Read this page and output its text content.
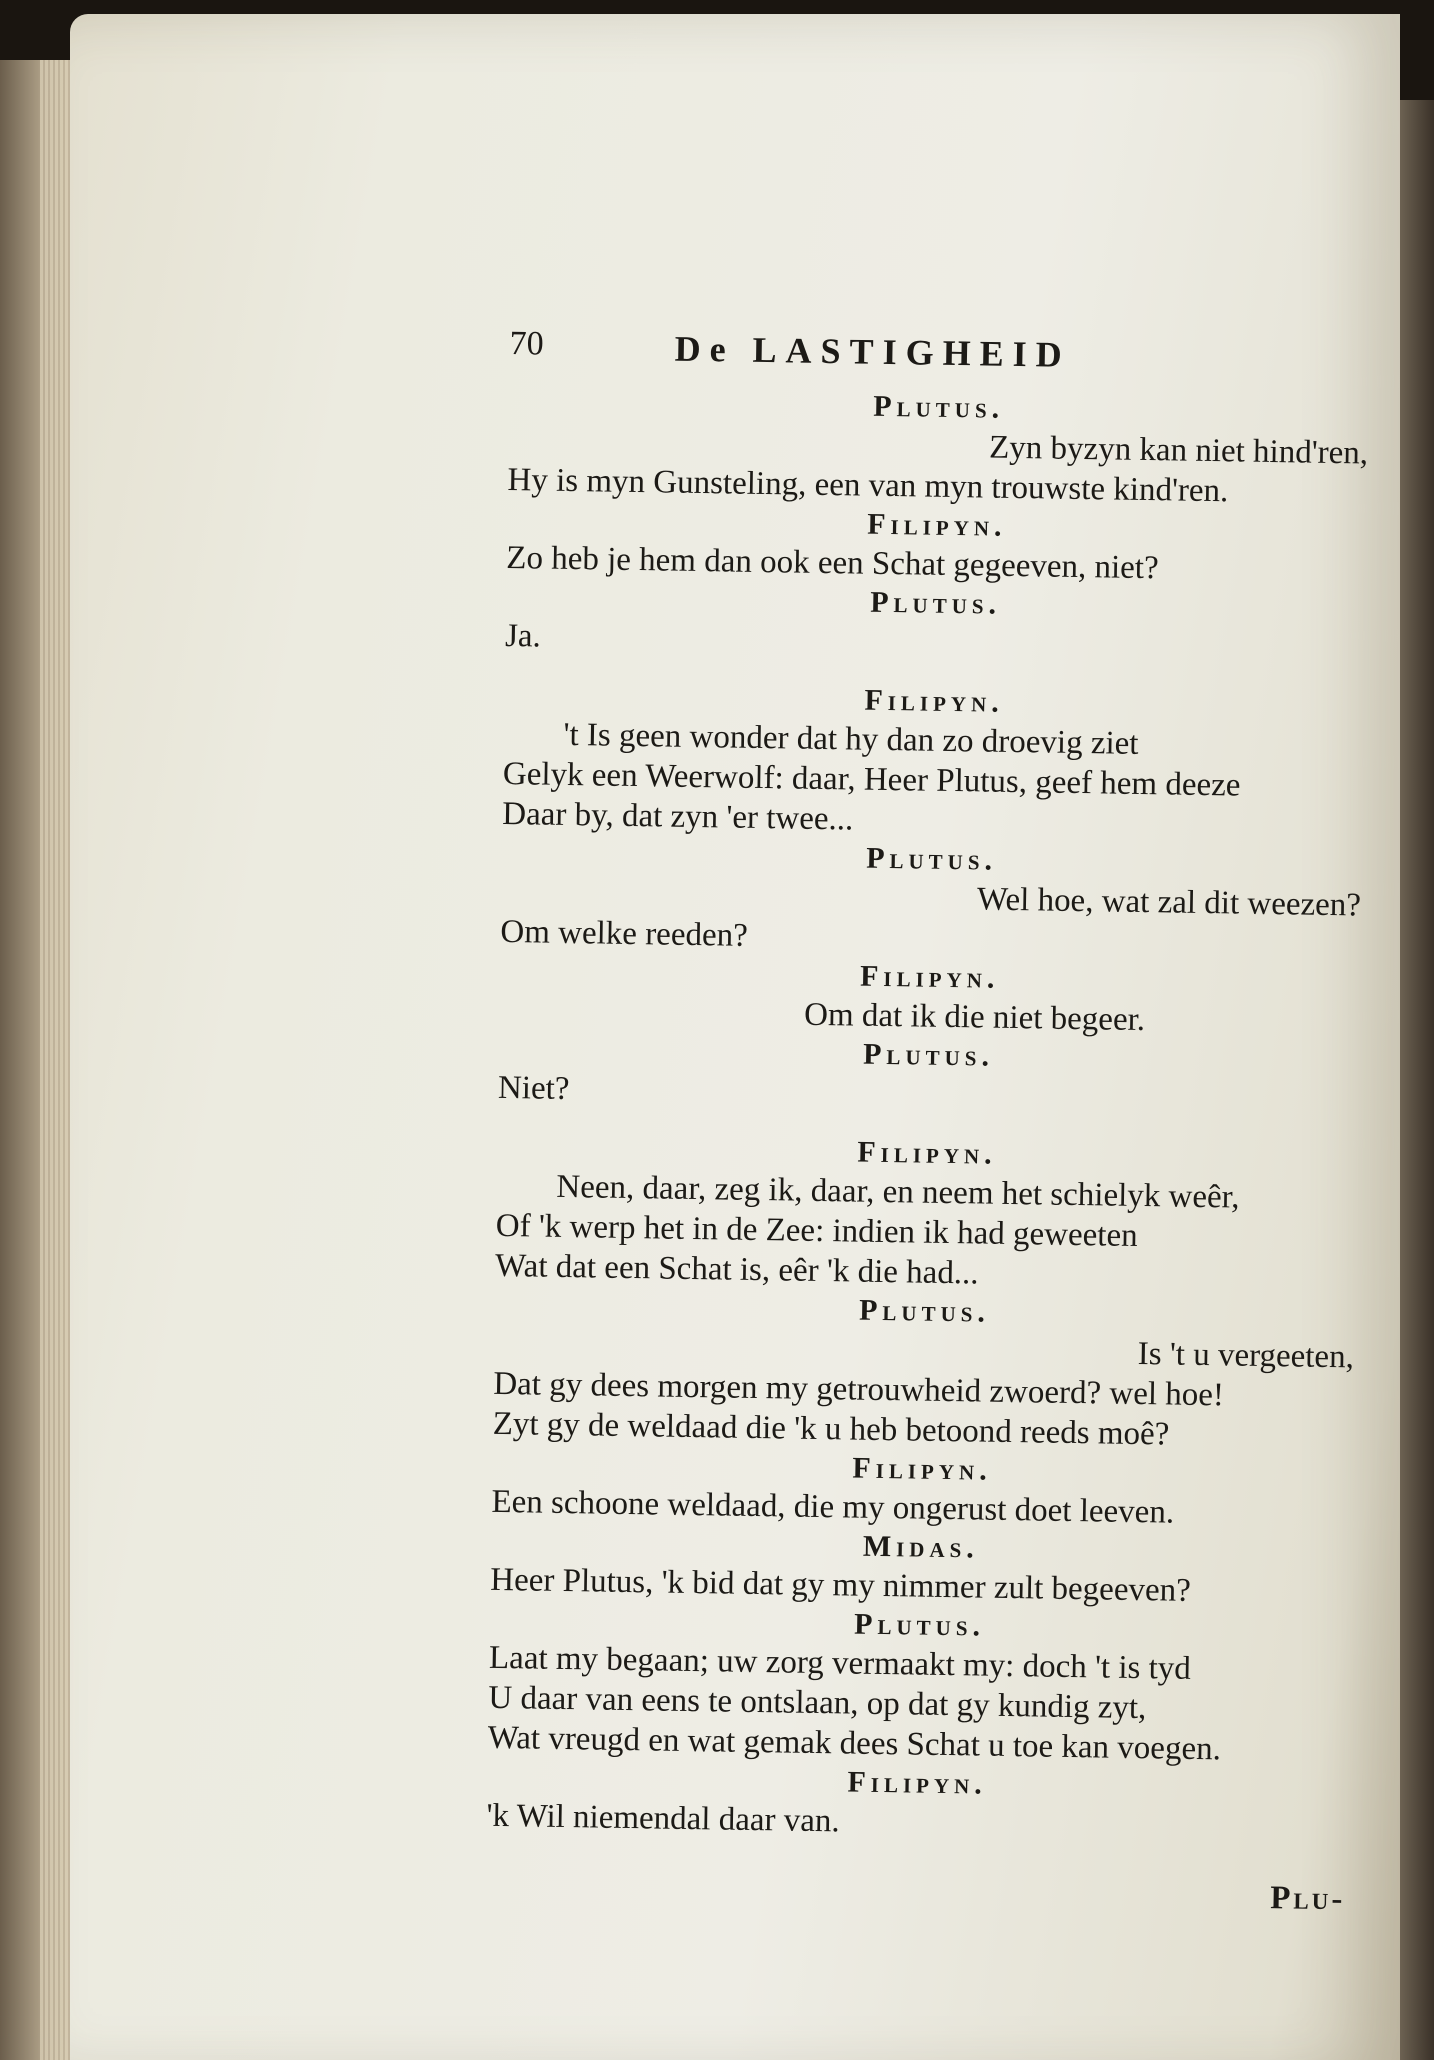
70	De LASTIGHEID
Plutus.
Zyn byzyn kan niet hind'ren,
Hy is myn Gunsteling, een van myn trouwste kind'ren.
Filipyn.
Zo heb je hem dan ook een Schat gegeeven, niet?
Plutus.
Ja.
Filipyn.
't Is geen wonder dat hy dan zo droevig ziet
Gelyk een Weerwolf: daar, Heer Plutus, geef hem deeze
Daar by, dat zyn 'er twee...
Plutus.
Wel hoe, wat zal dit weezen?
Om welke reeden?
Filipyn.
Om dat ik die niet begeer.
Plutus.
Niet?
Filipyn.
Neen, daar, zeg ik, daar, en neem het schielyk weêr,
Of 'k werp het in de Zee: indien ik had geweeten
Wat dat een Schat is, eêr 'k die had...
Plutus.
Is 't u vergeeten,
Dat gy dees morgen my getrouwheid zwoerd? wel hoe!
Zyt gy de weldaad die 'k u heb betoond reeds moê?
Filipyn.
Een schoone weldaad, die my ongerust doet leeven.
Midas.
Heer Plutus, 'k bid dat gy my nimmer zult begeeven?
Plutus.
Laat my begaan; uw zorg vermaakt my: doch 't is tyd
U daar van eens te ontslaan, op dat gy kundig zyt,
Wat vreugd en wat gemak dees Schat u toe kan voegen.
Filipyn.
'k Wil niemendal daar van.
Plu-
